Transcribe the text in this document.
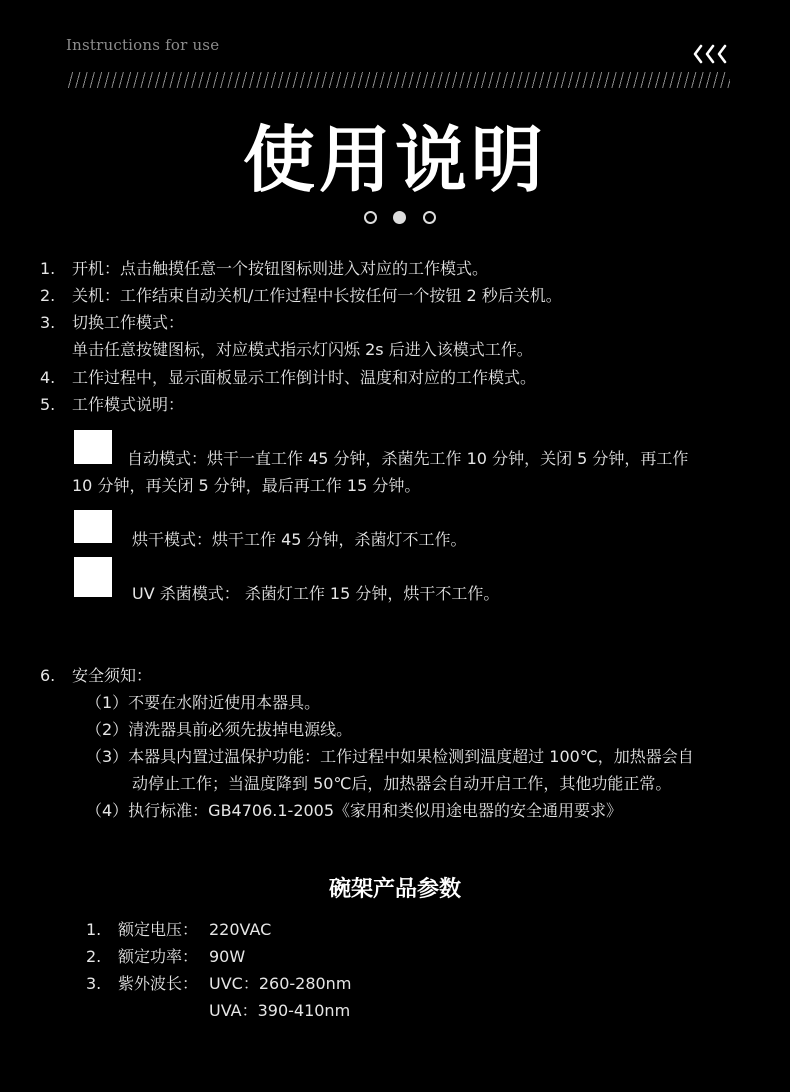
Instructions for use
使用说明
1. 开机：点击触摸任意一个按钮图标则进入对应的工作模式。
2. 关机：工作结束自动关机/工作过程中长按任何一个按钮 2 秒后关机。
3. 切换工作模式：
单击任意按键图标，对应模式指示灯闪烁 2s 后进入该模式工作。
4. 工作过程中，显示面板显示工作倒计时、温度和对应的工作模式。
5. 工作模式说明：
自动模式：烘干一直工作 45 分钟，杀菌先工作 10 分钟，关闭 5 分钟，再工作
10 分钟，再关闭 5 分钟，最后再工作 15 分钟。
烘干模式：烘干工作 45 分钟，杀菌灯不工作。
UV 杀菌模式： 杀菌灯工作 15 分钟，烘干不工作。
6. 安全须知：
（1）不要在水附近使用本器具。
（2）清洗器具前必须先拔掉电源线。
（3）本器具内置过温保护功能：工作过程中如果检测到温度超过 100℃，加热器会自
动停止工作；当温度降到 50℃后，加热器会自动开启工作，其他功能正常。
（4）执行标准：GB4706.1-2005《家用和类似用途电器的安全通用要求》
碗架产品参数
1. 额定电压： 220VAC
2. 额定功率： 90W
3. 紫外波长： UVC：260-280nm
UVA：390-410nm
